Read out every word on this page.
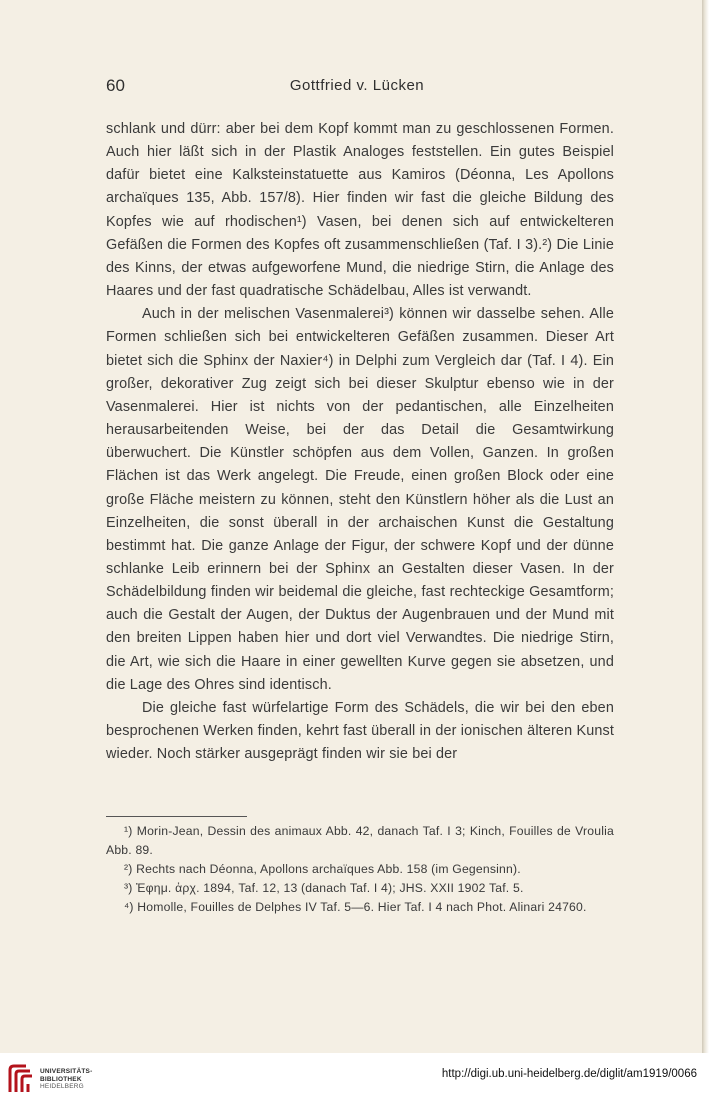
60	Gottfried v. Lücken

schlank und dürr: aber bei dem Kopf kommt man zu geschlossenen Formen. Auch hier läßt sich in der Plastik Analoges feststellen. Ein gutes Beispiel dafür bietet eine Kalksteinstatuette aus Kamiros (Déonna, Les Apollons archaïques 135, Abb. 157/8). Hier finden wir fast die gleiche Bildung des Kopfes wie auf rhodischen¹) Vasen, bei denen sich auf entwickelteren Gefäßen die Formen des Kopfes oft zusammenschließen (Taf. I 3).²) Die Linie des Kinns, der etwas aufgeworfene Mund, die niedrige Stirn, die Anlage des Haares und der fast quadratische Schädelbau, Alles ist verwandt.

Auch in der melischen Vasenmalerei³) können wir dasselbe sehen. Alle Formen schließen sich bei entwickelteren Gefäßen zusammen. Dieser Art bietet sich die Sphinx der Naxier⁴) in Delphi zum Vergleich dar (Taf. I 4). Ein großer, dekorativer Zug zeigt sich bei dieser Skulptur ebenso wie in der Vasenmalerei. Hier ist nichts von der pedantischen, alle Einzelheiten herausarbeitenden Weise, bei der das Detail die Gesamtwirkung überwuchert. Die Künstler schöpfen aus dem Vollen, Ganzen. In großen Flächen ist das Werk angelegt. Die Freude, einen großen Block oder eine große Fläche meistern zu können, steht den Künstlern höher als die Lust an Einzelheiten, die sonst überall in der archaischen Kunst die Gestaltung bestimmt hat. Die ganze Anlage der Figur, der schwere Kopf und der dünne schlanke Leib erinnern bei der Sphinx an Gestalten dieser Vasen. In der Schädelbildung finden wir beidemal die gleiche, fast rechteckige Gesamtform; auch die Gestalt der Augen, der Duktus der Augenbrauen und der Mund mit den breiten Lippen haben hier und dort viel Verwandtes. Die niedrige Stirn, die Art, wie sich die Haare in einer gewellten Kurve gegen sie absetzen, und die Lage des Ohres sind identisch.

Die gleiche fast würfelartige Form des Schädels, die wir bei den eben besprochenen Werken finden, kehrt fast überall in der ionischen älteren Kunst wieder. Noch stärker ausgeprägt finden wir sie bei der

¹) Morin-Jean, Dessin des animaux Abb. 42, danach Taf. I 3; Kinch, Fouilles de Vroulia Abb. 89.

²) Rechts nach Déonna, Apollons archaïques Abb. 158 (im Gegensinn).

³) Ἐφημ. ἀρχ. 1894, Taf. 12, 13 (danach Taf. I 4); JHS. XXII 1902 Taf. 5.

⁴) Homolle, Fouilles de Delphes IV Taf. 5—6. Hier Taf. I 4 nach Phot. Alinari 24760.

UNIVERSITÄTS-
BIBLIOTHEK
HEIDELBERG
http://digi.ub.uni-heidelberg.de/diglit/am1919/0066
